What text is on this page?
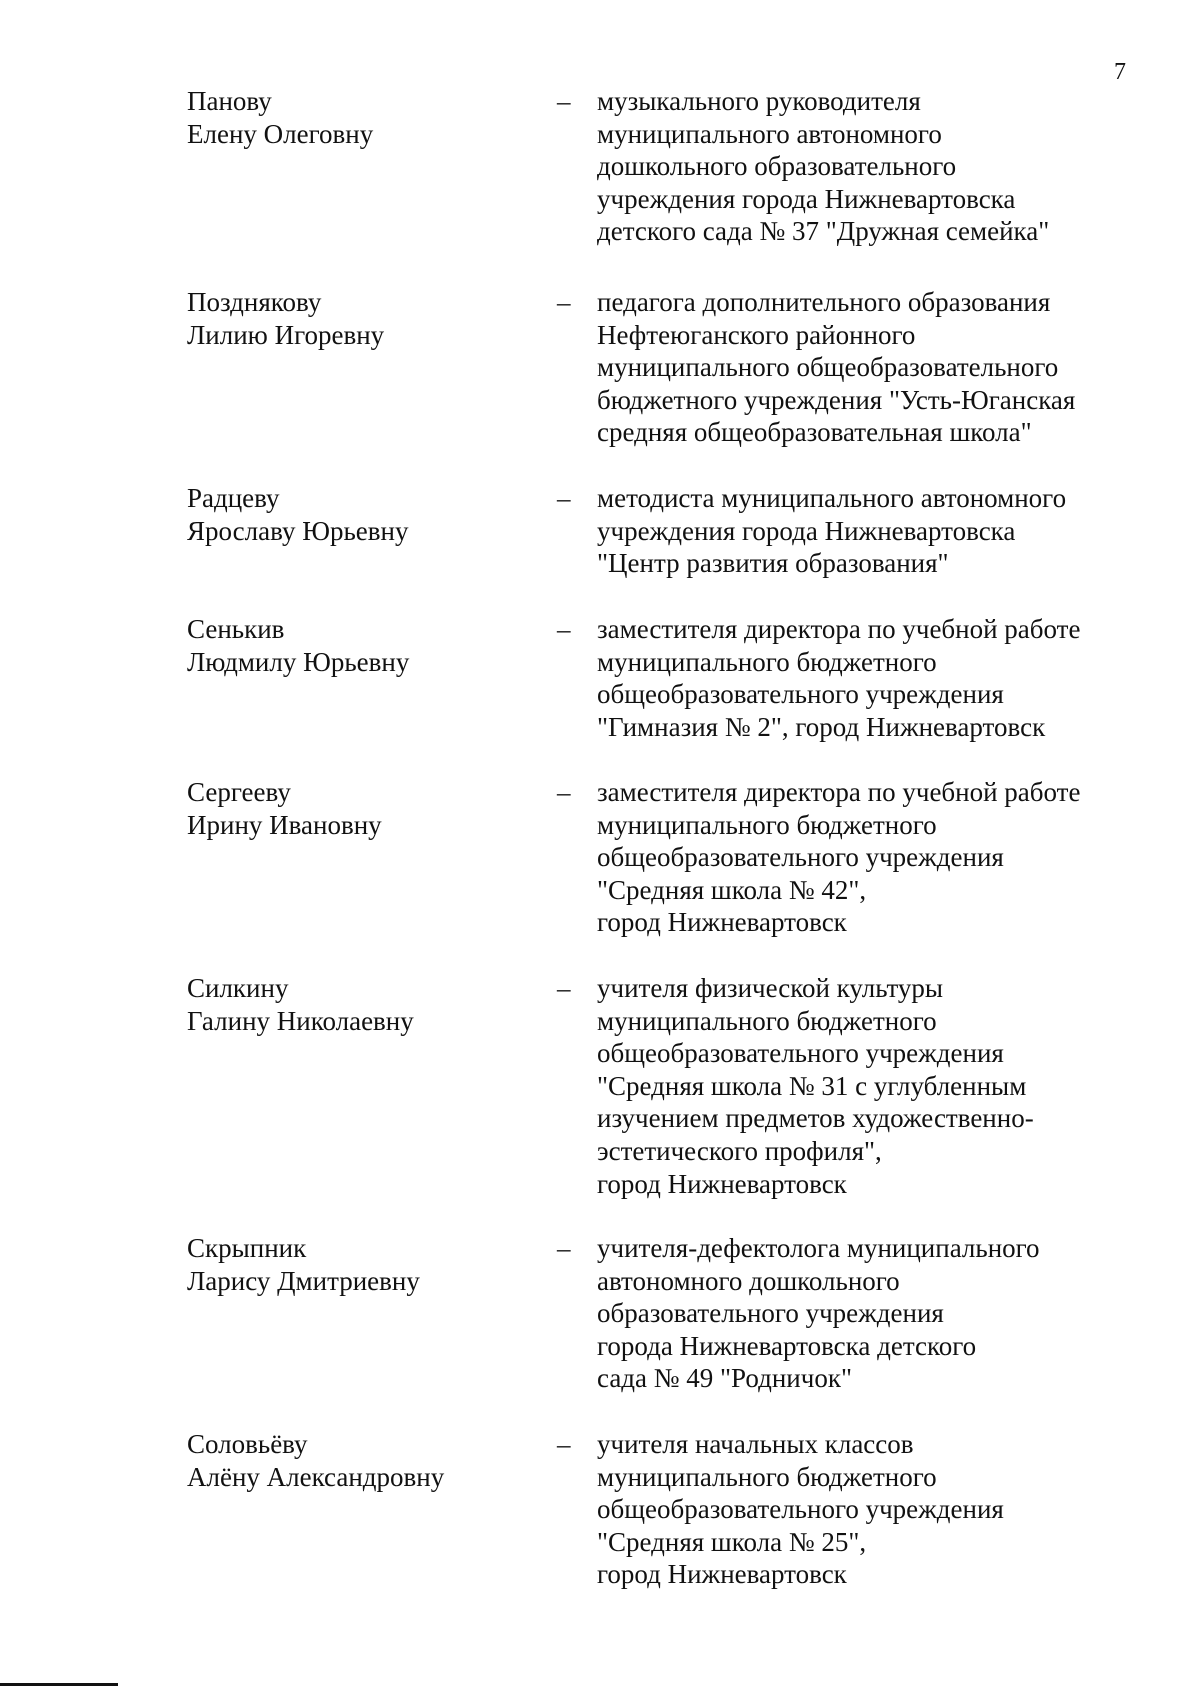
7
Панову
Елену Олеговну
– музыкального руководителя
муниципального автономного
дошкольного образовательного
учреждения города Нижневартовска
детского сада № 37 "Дружная семейка"
Позднякову
Лилию Игоревну
– педагога дополнительного образования
Нефтеюганского районного
муниципального общеобразовательного
бюджетного учреждения "Усть-Юганская
средняя общеобразовательная школа"
Радцеву
Ярославу Юрьевну
– методиста муниципального автономного
учреждения города Нижневартовска
"Центр развития образования"
Сенькив
Людмилу Юрьевну
– заместителя директора по учебной работе
муниципального бюджетного
общеобразовательного учреждения
"Гимназия № 2", город Нижневартовск
Сергееву
Ирину Ивановну
– заместителя директора по учебной работе
муниципального бюджетного
общеобразовательного учреждения
"Средняя школа № 42",
город Нижневартовск
Силкину
Галину Николаевну
– учителя физической культуры
муниципального бюджетного
общеобразовательного учреждения
"Средняя школа № 31 с углубленным
изучением предметов художественно-
эстетического профиля",
город Нижневартовск
Скрыпник
Ларису Дмитриевну
– учителя-дефектолога муниципального
автономного дошкольного
образовательного учреждения
города Нижневартовска детского
сада № 49 "Родничок"
Соловьёву
Алёну Александровну
– учителя начальных классов
муниципального бюджетного
общеобразовательного учреждения
"Средняя школа № 25",
город Нижневартовск
